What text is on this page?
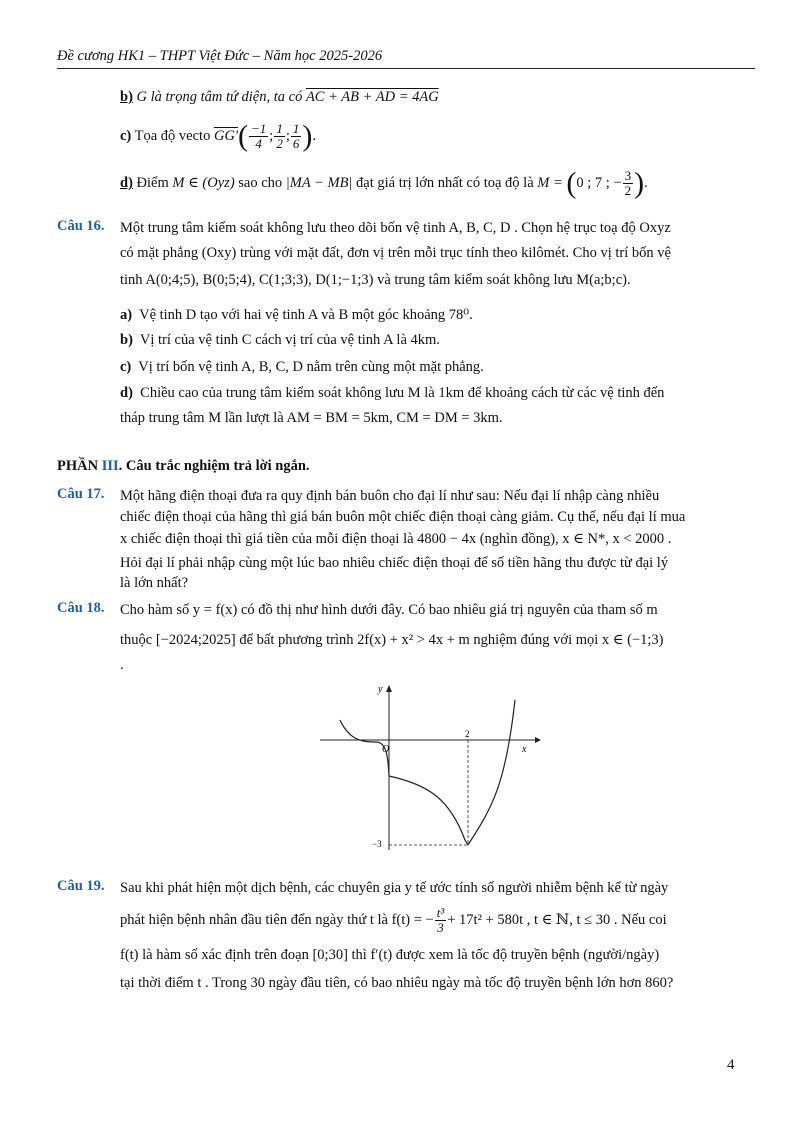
Đề cương HK1 – THPT Việt Đức – Năm học 2025-2026
b) G là trọng tâm tứ diện, ta có AC + AB + AD = 4AG
c) Tọa độ vecto $GG'( \frac{-1}{4}$ ; $\frac{1}{2}$ ; $\frac{1}{6}$ ).
d) Điểm M ∈ (Oyz) sao cho |MA − MB| đạt giá trị lớn nhất có toạ độ là M = (0 ; 7 ; − $\frac{3}{2}$ ).
Câu 16. Một trung tâm kiểm soát không lưu theo dõi bốn vệ tinh A, B, C, D . Chọn hệ trục toạ độ Oxyz
có mặt phẳng (Oxy) trùng với mặt đất, đơn vị trên mỗi trục tính theo kilômét. Cho vị trí bốn vệ
tinh A(0;4;5), B(0;5;4), C(1;3;3), D(1;−1;3) và trung tâm kiểm soát không lưu M(a;b;c).
a) Vệ tinh D tạo với hai vệ tinh A và B một góc khoảng 78⁰.
b) Vị trí của vệ tinh C cách vị trí của vệ tinh A là 4km.
c) Vị trí bốn vệ tinh A, B, C, D nằm trên cùng một mặt phẳng.
d) Chiều cao của trung tâm kiểm soát không lưu M là 1km để khoảng cách từ các vệ tinh đến
tháp trung tâm M lần lượt là AM = BM = 5km, CM = DM = 3km.
PHẦN III. Câu trắc nghiệm trả lời ngắn.
Câu 17. Một hãng điện thoại đưa ra quy định bán buôn cho đại lí như sau: Nếu đại lí nhập càng nhiều
chiếc điện thoại của hãng thì giá bán buôn một chiếc điện thoại càng giảm. Cụ thể, nếu đại lí mua
x chiếc điện thoại thì giá tiền của mỗi điện thoại là 4800 − 4x (nghìn đồng), x ∈ N*, x < 2000 .
Hỏi đại lí phải nhập cùng một lúc bao nhiêu chiếc điện thoại để số tiền hãng thu được từ đại lý
là lớn nhất?
Câu 18. Cho hàm số y = f(x) có đồ thị như hình dưới đây. Có bao nhiêu giá trị nguyên của tham số m
thuộc [−2024;2025] để bất phương trình 2f(x) + x² > 4x + m nghiệm đúng với mọi x ∈ (−1;3)
.
y
x
O
2
−3
Câu 19. Sau khi phát hiện một dịch bệnh, các chuyên gia y tế ước tính số người nhiễm bệnh kể từ ngày
phát hiện bệnh nhân đầu tiên đến ngày thứ t là f(t) = − $\frac{\text{t³}}{3} + 17t^2 + 580t$ , t ∈ ℕ, t ≤ 30 . Nếu coi
f(t) là hàm số xác định trên đoạn [0;30] thì f′(t) được xem là tốc độ truyền bệnh (người/ngày)
tại thời điểm t . Trong 30 ngày đầu tiên, có bao nhiêu ngày mà tốc độ truyền bệnh lớn hơn 860?
4
